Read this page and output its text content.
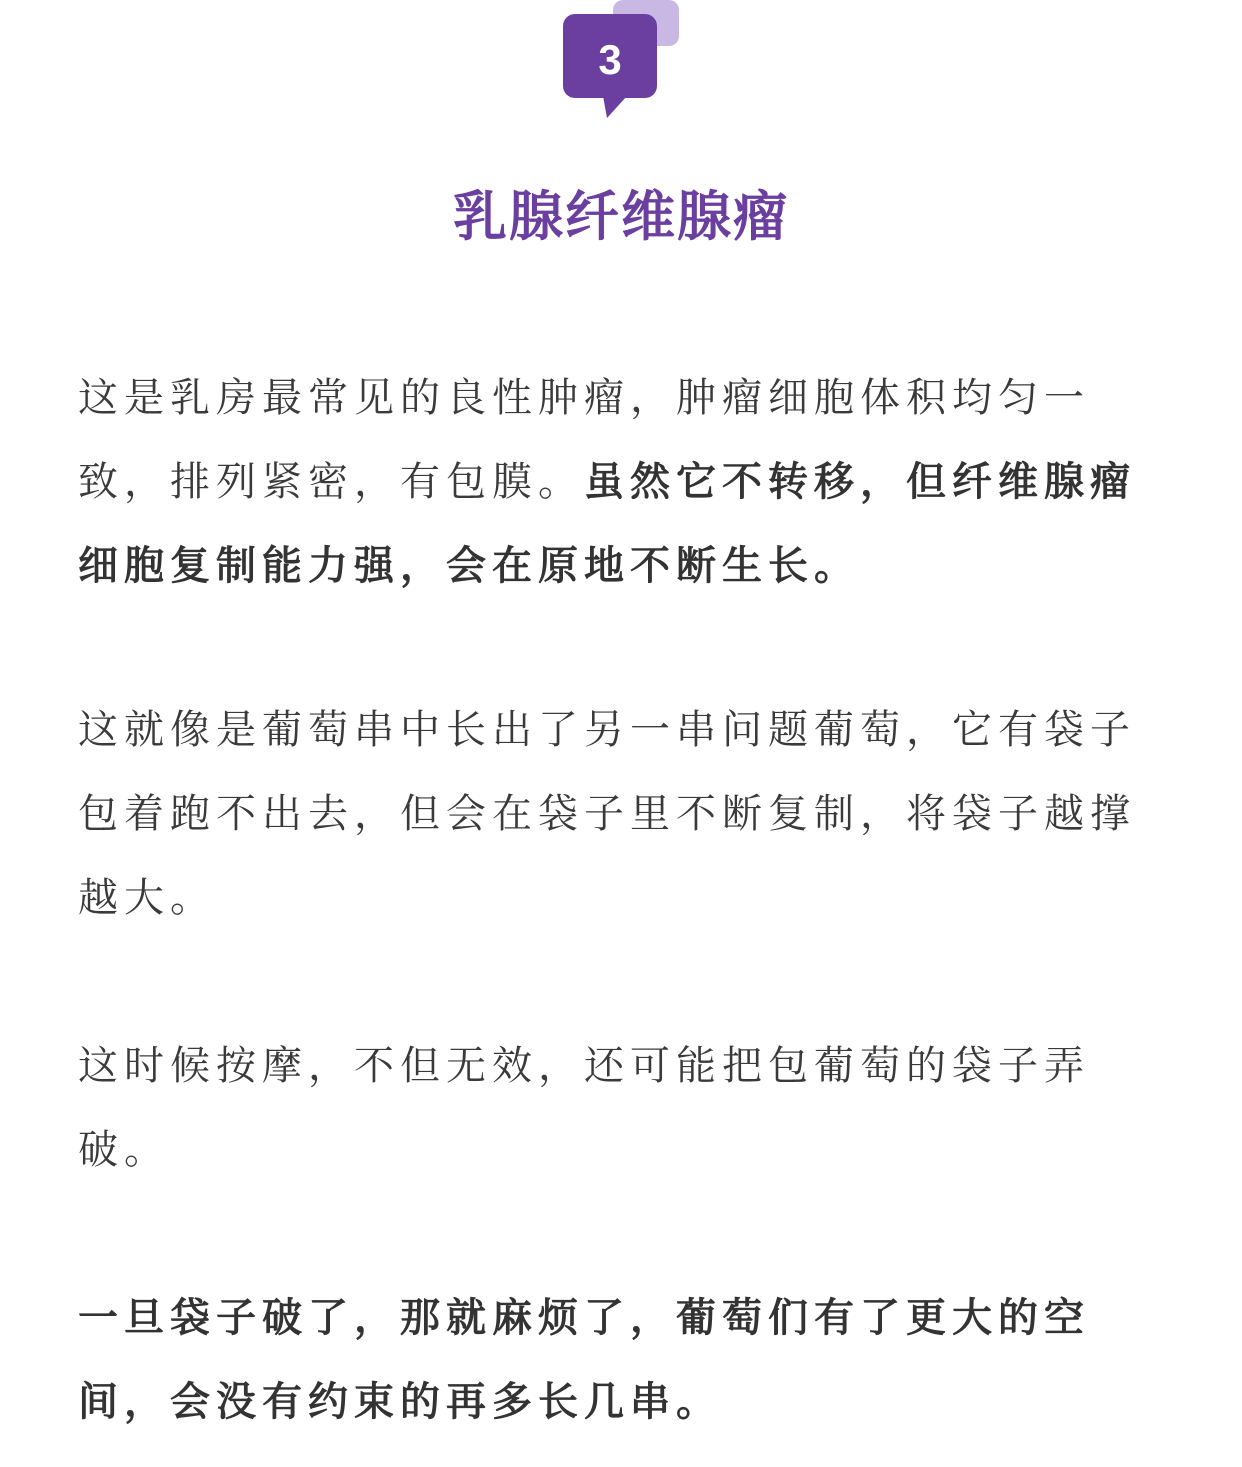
3
乳腺纤维腺瘤

这是乳房最常见的良性肿瘤，肿瘤细胞体积均匀一致，排列紧密，有包膜。虽然它不转移，但纤维腺瘤细胞复制能力强，会在原地不断生长。

这就像是葡萄串中长出了另一串问题葡萄，它有袋子包着跑不出去，但会在袋子里不断复制，将袋子越撑越大。

这时候按摩，不但无效，还可能把包葡萄的袋子弄破。

一旦袋子破了，那就麻烦了，葡萄们有了更大的空间，会没有约束的再多长几串。
